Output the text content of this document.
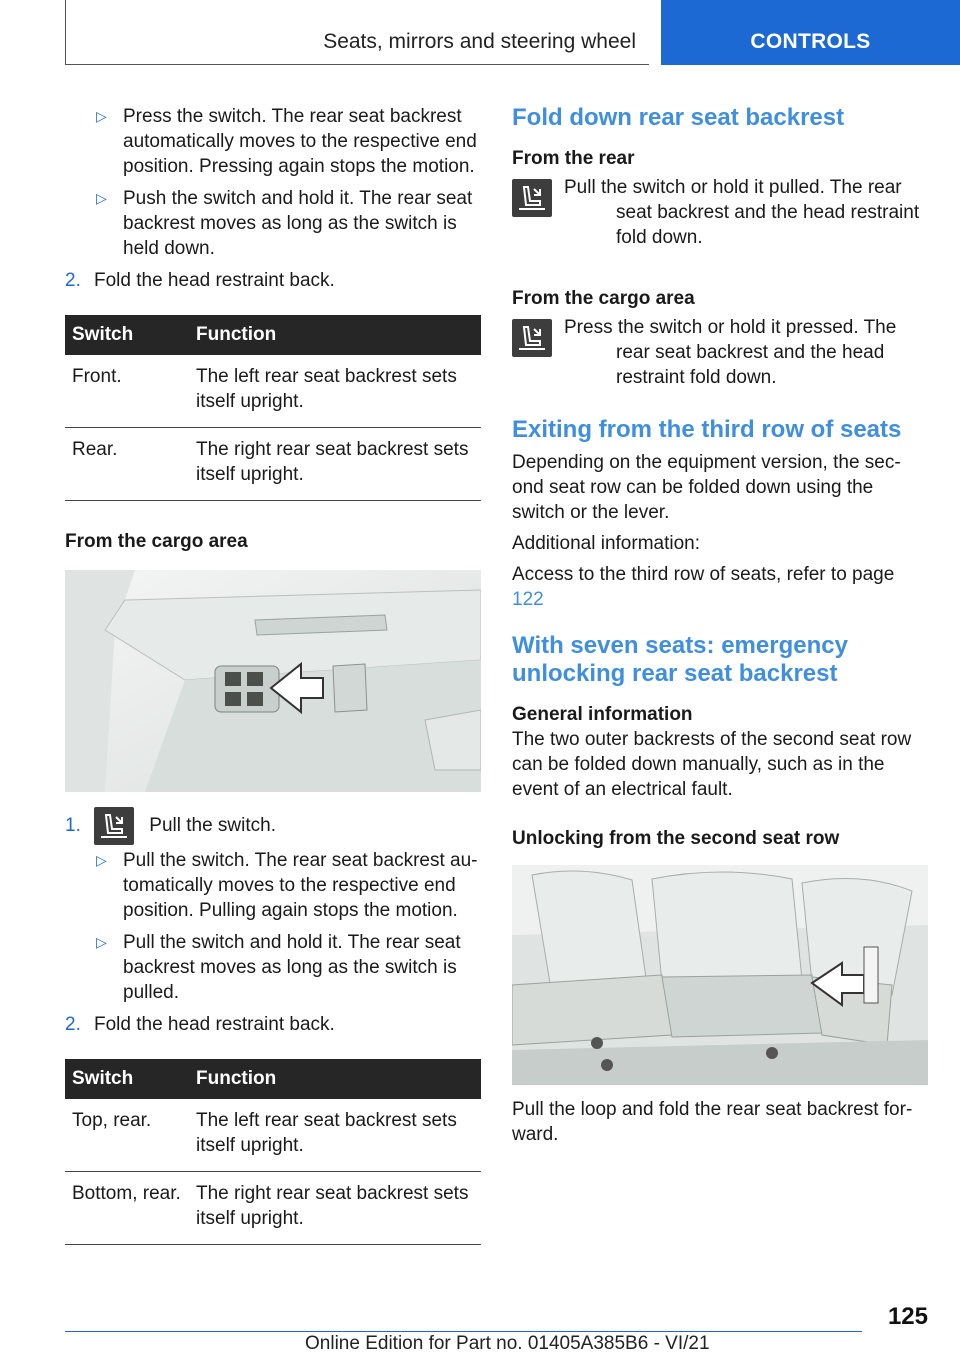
Seats, mirrors and steering wheel	CONTROLS
▷ Press the switch. The rear seat backrest automatically moves to the respective end position. Pressing again stops the motion.
▷ Push the switch and hold it. The rear seat backrest moves as long as the switch is held down.
2. Fold the head restraint back.
Switch	Function
Front.	The left rear seat backrest sets itself upright.
Rear.	The right rear seat backrest sets itself upright.

From the cargo area

1.	Pull the switch.
▷ Pull the switch. The rear seat backrest au-tomatically moves to the respective end position. Pulling again stops the motion.
▷ Pull the switch and hold it. The rear seat backrest moves as long as the switch is pulled.
2. Fold the head restraint back.
Switch	Function
Top, rear.	The left rear seat backrest sets itself upright.
Bottom, rear.	The right rear seat backrest sets itself upright.

Fold down rear seat backrest

From the rear

Pull the switch or hold it pulled. The rear seat backrest and the head restraint fold down.

From the cargo area

Press the switch or hold it pressed. The rear seat backrest and the head restraint fold down.

Exiting from the third row of seats

Depending on the equipment version, the sec-ond seat row can be folded down using the switch or the lever.

Additional information:

Access to the third row of seats, refer to page 122

With seven seats: emergency unlocking rear seat backrest

General information

The two outer backrests of the second seat row can be folded down manually, such as in the event of an electrical fault.

Unlocking from the second seat row

Pull the loop and fold the rear seat backrest for-ward.

125
Online Edition for Part no. 01405A385B6 - VI/21
